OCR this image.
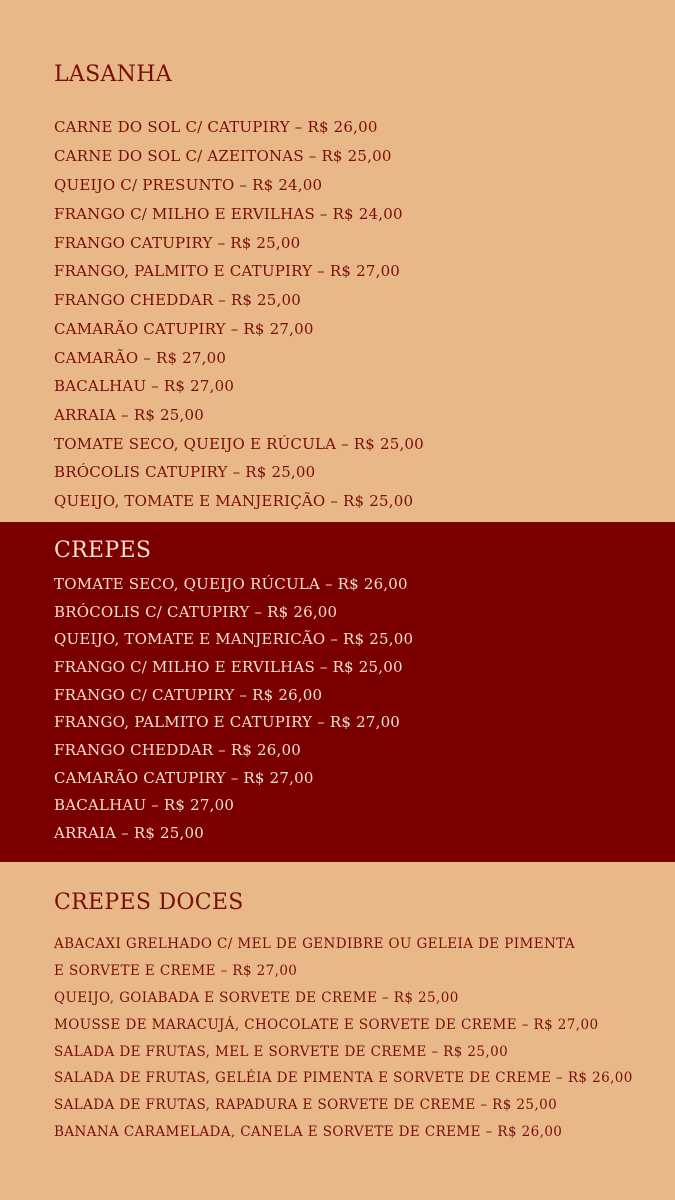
LASANHA
CARNE DO SOL C/ CATUPIRY – R$ 26,00
CARNE DO SOL C/ AZEITONAS – R$ 25,00
QUEIJO C/ PRESUNTO – R$ 24,00
FRANGO C/ MILHO E ERVILHAS – R$ 24,00
FRANGO CATUPIRY – R$ 25,00
FRANGO, PALMITO E CATUPIRY – R$ 27,00
FRANGO CHEDDAR – R$ 25,00
CAMARÃO CATUPIRY – R$ 27,00
CAMARÃO – R$ 27,00
BACALHAU – R$ 27,00
ARRAIA – R$ 25,00
TOMATE SECO, QUEIJO E RÚCULA – R$ 25,00
BRÓCOLIS CATUPIRY – R$ 25,00
QUEIJO, TOMATE E MANJERIÇÃO – R$ 25,00
CREPES
TOMATE SECO, QUEIJO RÚCULA – R$ 26,00
BRÓCOLIS C/ CATUPIRY – R$ 26,00
QUEIJO, TOMATE E MANJERICÃO – R$ 25,00
FRANGO C/ MILHO E ERVILHAS – R$ 25,00
FRANGO C/ CATUPIRY – R$ 26,00
FRANGO, PALMITO E CATUPIRY – R$ 27,00
FRANGO CHEDDAR – R$ 26,00
CAMARÃO CATUPIRY – R$ 27,00
BACALHAU – R$ 27,00
ARRAIA – R$ 25,00
CREPES DOCES
ABACAXI GRELHADO C/ MEL DE GENDIBRE OU GELEIA DE PIMENTA
E SORVETE E CREME – R$ 27,00
QUEIJO, GOIABADA E SORVETE DE CREME – R$ 25,00
MOUSSE DE MARACUJÁ, CHOCOLATE E SORVETE DE CREME – R$ 27,00
SALADA DE FRUTAS, MEL E SORVETE DE CREME – R$ 25,00
SALADA DE FRUTAS, GELÉIA DE PIMENTA E SORVETE DE CREME – R$ 26,00
SALADA DE FRUTAS, RAPADURA E SORVETE DE CREME – R$ 25,00
BANANA CARAMELADA, CANELA E SORVETE DE CREME – R$ 26,00
